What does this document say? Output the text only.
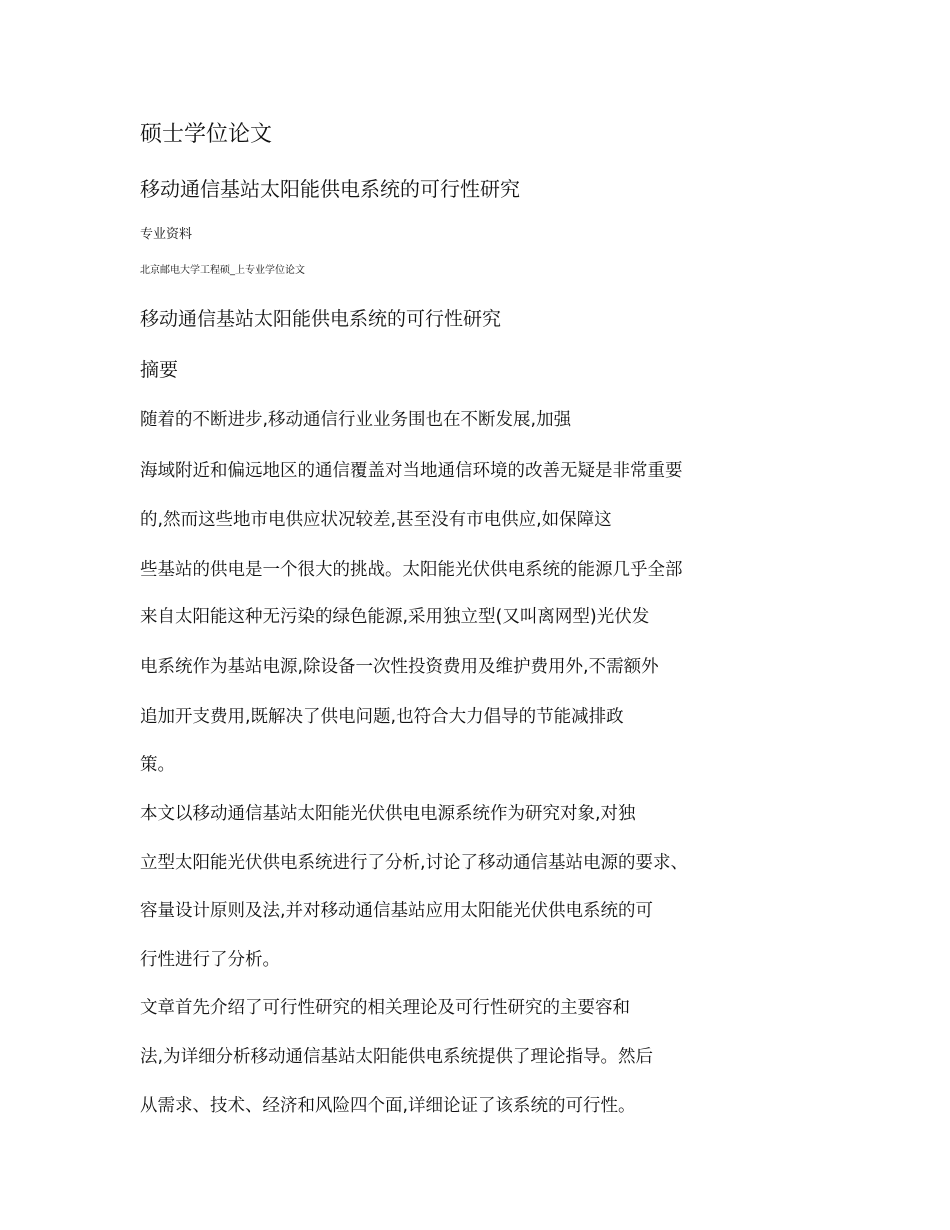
硕士学位论文
移动通信基站太阳能供电系统的可行性研究
专业资料
北京邮电大学工程硕_上专业学位论文
移动通信基站太阳能供电系统的可行性研究
摘要
随着的不断进步,移动通信行业业务围也在不断发展,加强
海域附近和偏远地区的通信覆盖对当地通信环境的改善无疑是非常重要
的,然而这些地市电供应状况较差,甚至没有市电供应,如保障这
些基站的供电是一个很大的挑战。太阳能光伏供电系统的能源几乎全部
来自太阳能这种无污染的绿色能源,采用独立型(又叫离网型)光伏发
电系统作为基站电源,除设备一次性投资费用及维护费用外,不需额外
追加开支费用,既解决了供电问题,也符合大力倡导的节能减排政
策。
本文以移动通信基站太阳能光伏供电电源系统作为研究对象,对独
立型太阳能光伏供电系统进行了分析,讨论了移动通信基站电源的要求、
容量设计原则及法,并对移动通信基站应用太阳能光伏供电系统的可
行性进行了分析。
文章首先介绍了可行性研究的相关理论及可行性研究的主要容和
法,为详细分析移动通信基站太阳能供电系统提供了理论指导。然后
从需求、技术、经济和风险四个面,详细论证了该系统的可行性。
